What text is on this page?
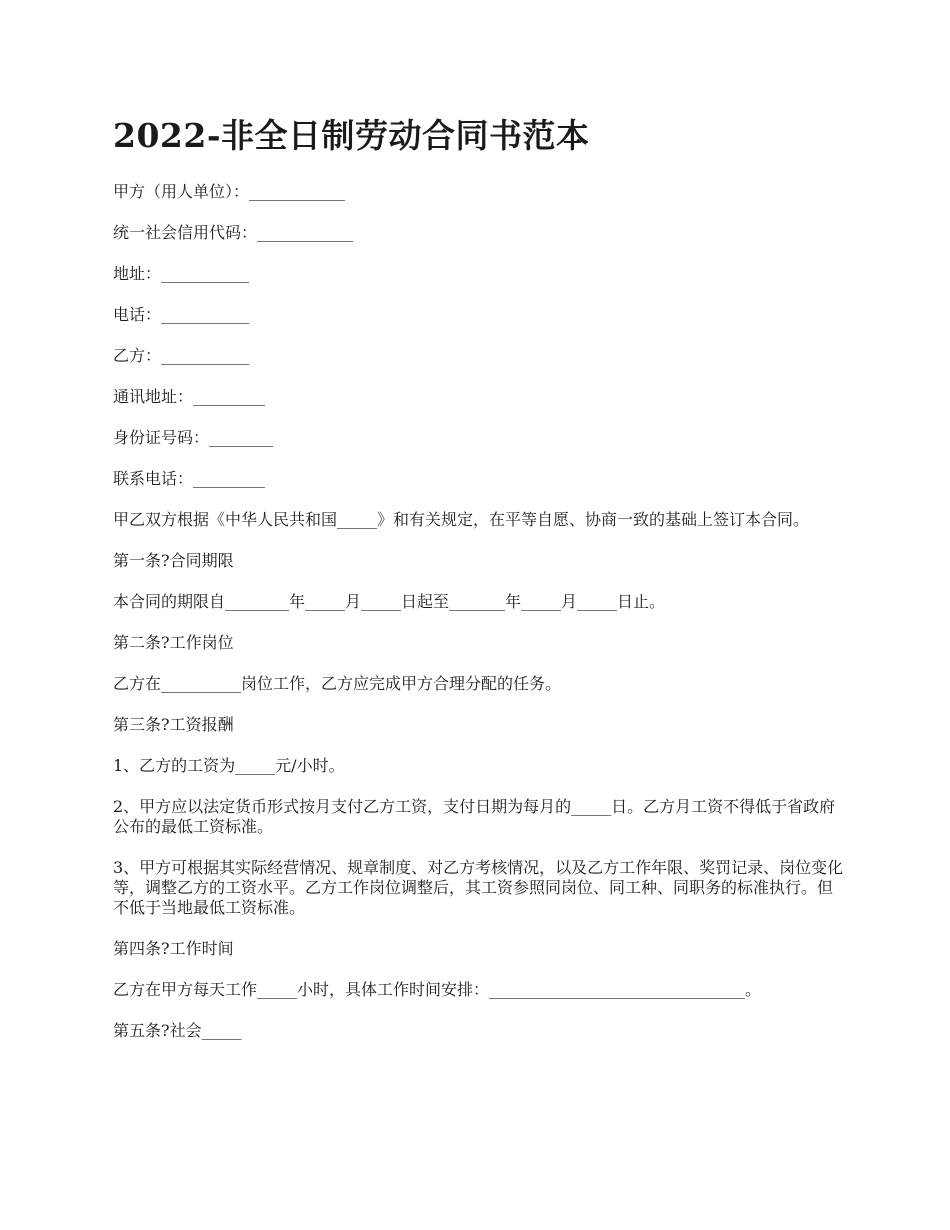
2022-非全日制劳动合同书范本

甲方（用人单位）：____________

统一社会信用代码：____________

地址：___________

电话：___________

乙方：___________

通讯地址：_________

身份证号码：________

联系电话：_________

甲乙双方根据《中华人民共和国_____》和有关规定，在平等自愿、协商一致的基础上签订本合同。

第一条?合同期限

本合同的期限自________年_____月_____日起至_______年_____月_____日止。

第二条?工作岗位

乙方在__________岗位工作，乙方应完成甲方合理分配的任务。

第三条?工资报酬

1、乙方的工资为_____元/小时。

2、甲方应以法定货币形式按月支付乙方工资，支付日期为每月的_____日。乙方月工资不得低于省政府公布的最低工资标准。

3、甲方可根据其实际经营情况、规章制度、对乙方考核情况，以及乙方工作年限、奖罚记录、岗位变化等，调整乙方的工资水平。乙方工作岗位调整后，其工资参照同岗位、同工种、同职务的标准执行。但不低于当地最低工资标准。

第四条?工作时间

乙方在甲方每天工作_____小时，具体工作时间安排：________________________________。

第五条?社会_____
